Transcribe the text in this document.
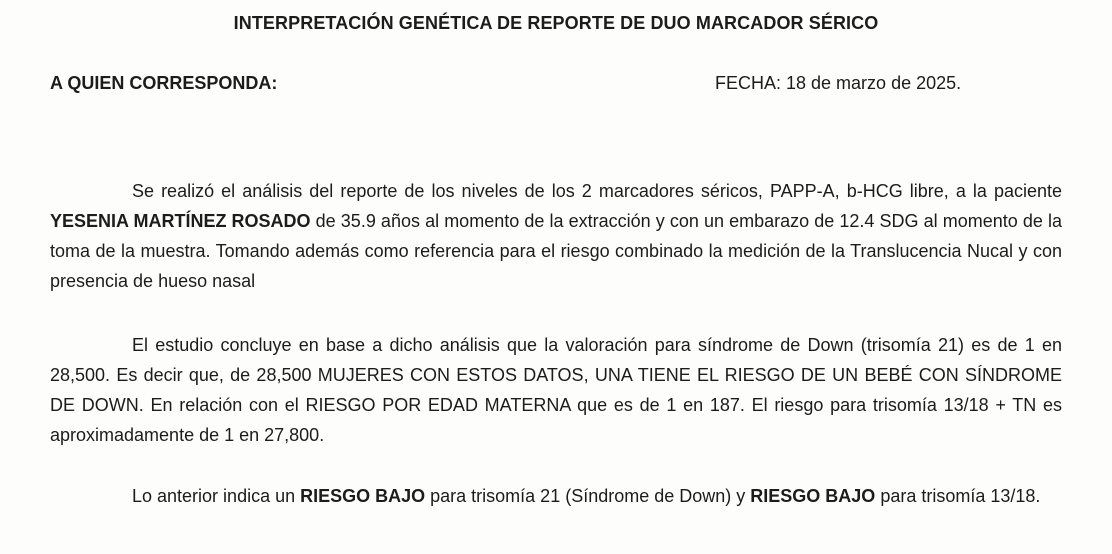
INTERPRETACIÓN GENÉTICA DE REPORTE DE DUO MARCADOR SÉRICO
A QUIEN CORRESPONDA:	FECHA: 18 de marzo de 2025.

Se realizó el análisis del reporte de los niveles de los 2 marcadores séricos, PAPP-A, b-HCG libre, a la paciente YESENIA MARTÍNEZ ROSADO de 35.9 años al momento de la extracción y con un embarazo de 12.4 SDG al momento de la toma de la muestra. Tomando además como referencia para el riesgo combinado la medición de la Translucencia Nucal y con presencia de hueso nasal

El estudio concluye en base a dicho análisis que la valoración para síndrome de Down (trisomía 21) es de 1 en 28,500. Es decir que, de 28,500 MUJERES CON ESTOS DATOS, UNA TIENE EL RIESGO DE UN BEBÉ CON SÍNDROME DE DOWN. En relación con el RIESGO POR EDAD MATERNA que es de 1 en 187. El riesgo para trisomía 13/18 + TN es aproximadamente de 1 en 27,800.

Lo anterior indica un RIESGO BAJO para trisomía 21 (Síndrome de Down) y RIESGO BAJO para trisomía 13/18.
